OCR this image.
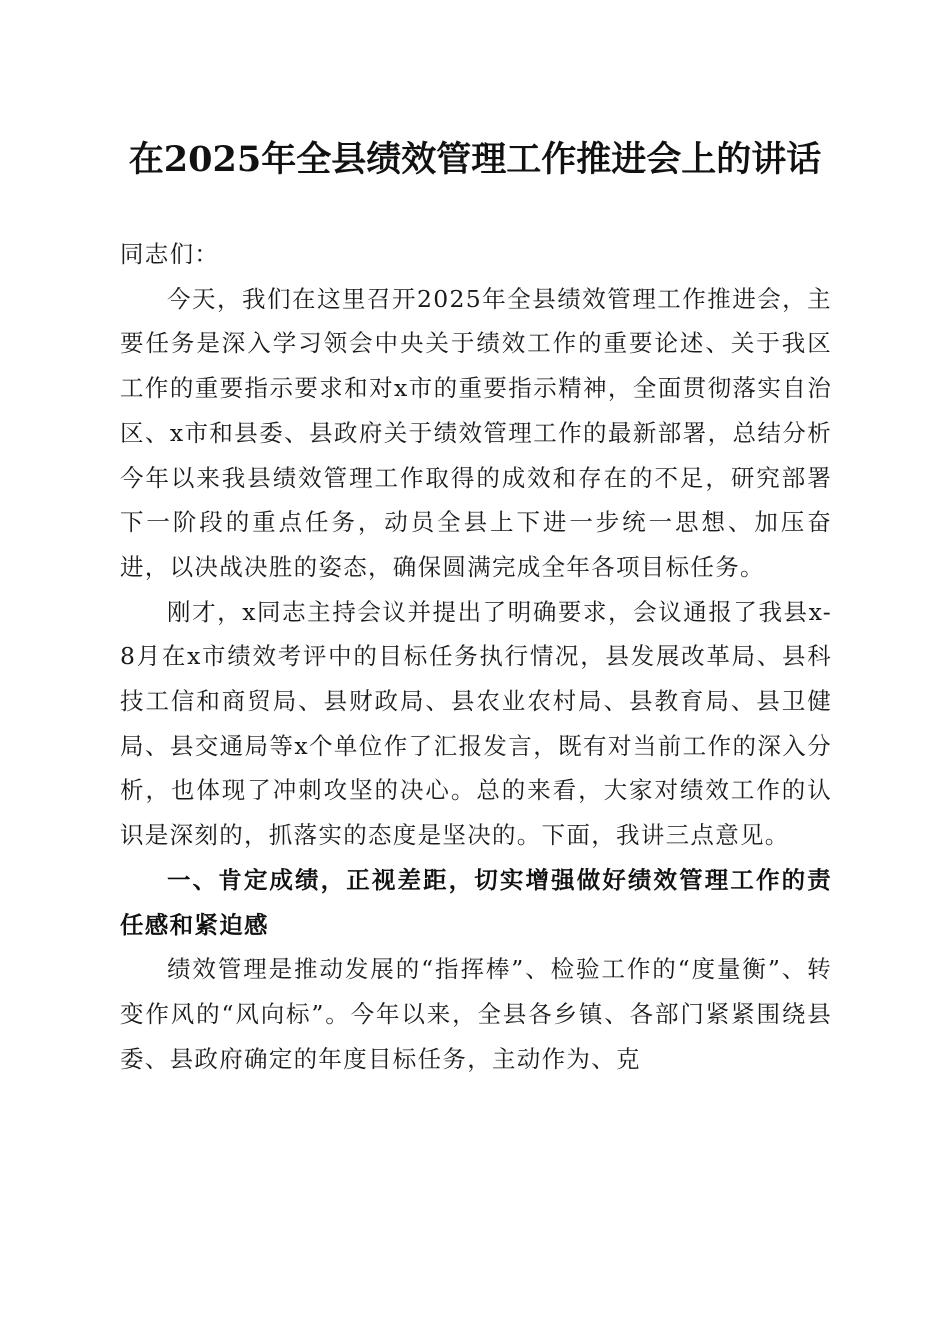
在2025年全县绩效管理工作推进会上的讲话

同志们：

今天，我们在这里召开2025年全县绩效管理工作推进会，主要任务是深入学习领会中央关于绩效工作的重要论述、关于我区工作的重要指示要求和对x市的重要指示精神，全面贯彻落实自治区、x市和县委、县政府关于绩效管理工作的最新部署，总结分析今年以来我县绩效管理工作取得的成效和存在的不足，研究部署下一阶段的重点任务，动员全县上下进一步统一思想、加压奋进，以决战决胜的姿态，确保圆满完成全年各项目标任务。

刚才，x同志主持会议并提出了明确要求，会议通报了我县x-8月在x市绩效考评中的目标任务执行情况，县发展改革局、县科技工信和商贸局、县财政局、县农业农村局、县教育局、县卫健局、县交通局等x个单位作了汇报发言，既有对当前工作的深入分析，也体现了冲刺攻坚的决心。总的来看，大家对绩效工作的认识是深刻的，抓落实的态度是坚决的。下面，我讲三点意见。

一、肯定成绩，正视差距，切实增强做好绩效管理工作的责任感和紧迫感

绩效管理是推动发展的“指挥棒”、检验工作的“度量衡”、转变作风的“风向标”。今年以来，全县各乡镇、各部门紧紧围绕县委、县政府确定的年度目标任务，主动作为、克
